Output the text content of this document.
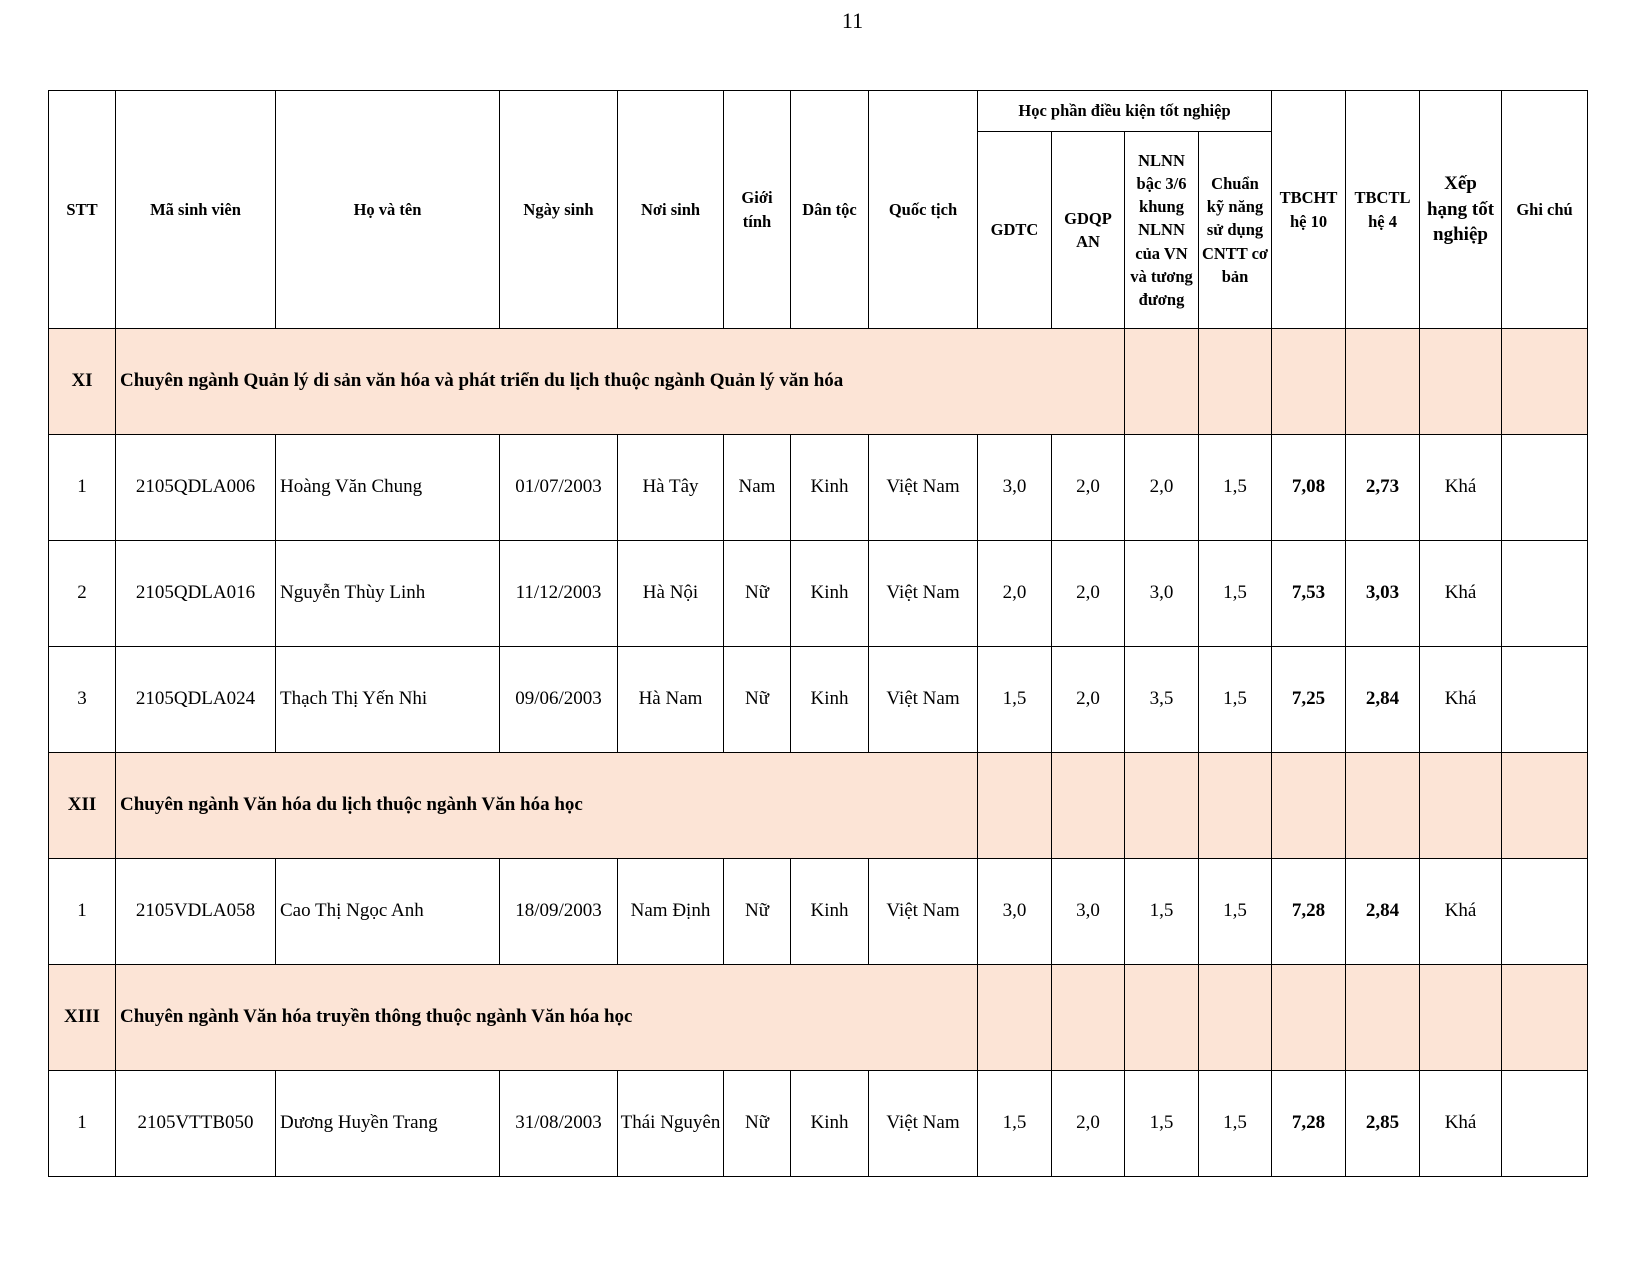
11
STT	Mã sinh viên	Họ và tên	Ngày sinh	Nơi sinh	Giới tính	Dân tộc	Quốc tịch	Học phần điều kiện tốt nghiệp				TBCHT hệ 10	TBCTL hệ 4	Xếp hạng tốt nghiệp	Ghi chú
								GDTC	GDQP AN	NLNN bậc 3/6 khung NLNN của VN và tương đương	Chuẩn kỹ năng sử dụng CNTT cơ bản				
XI	Chuyên ngành Quản lý di sản văn hóa và phát triển du lịch thuộc ngành Quản lý văn hóa														
1	2105QDLA006	Hoàng Văn Chung	01/07/2003	Hà Tây	Nam	Kinh	Việt Nam	3,0	2,0	2,0	1,5	7,08	2,73	Khá	
2	2105QDLA016	Nguyễn Thùy Linh	11/12/2003	Hà Nội	Nữ	Kinh	Việt Nam	2,0	2,0	3,0	1,5	7,53	3,03	Khá	
3	2105QDLA024	Thạch Thị Yến Nhi	09/06/2003	Hà Nam	Nữ	Kinh	Việt Nam	1,5	2,0	3,5	1,5	7,25	2,84	Khá	
XII	Chuyên ngành Văn hóa du lịch thuộc ngành Văn hóa học														
1	2105VDLA058	Cao Thị Ngọc Anh	18/09/2003	Nam Định	Nữ	Kinh	Việt Nam	3,0	3,0	1,5	1,5	7,28	2,84	Khá	
XIII	Chuyên ngành Văn hóa truyền thông thuộc ngành Văn hóa học														
1	2105VTTB050	Dương Huyền Trang	31/08/2003	Thái Nguyên	Nữ	Kinh	Việt Nam	1,5	2,0	1,5	1,5	7,28	2,85	Khá	
